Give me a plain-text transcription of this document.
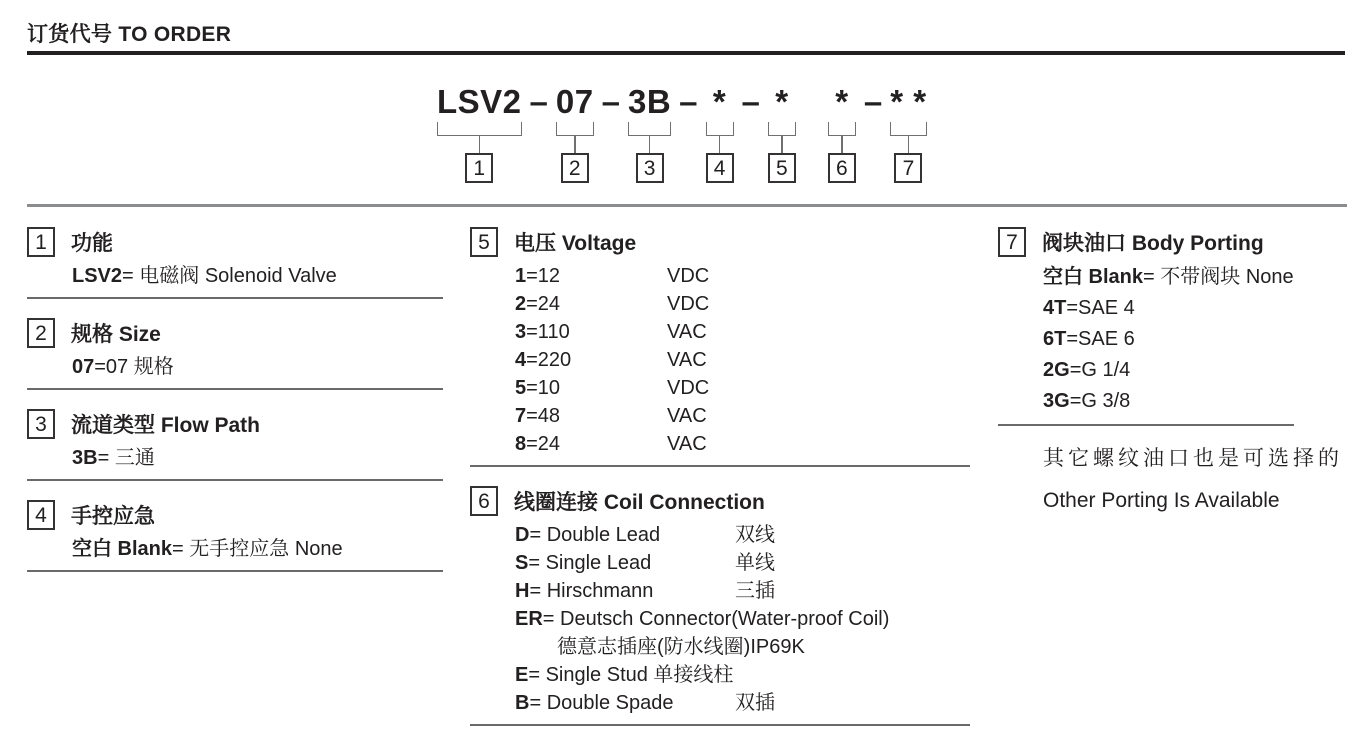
订货代号 TO ORDER
LSV2
1
– 07
2
– 3B
3
– *
4
– *
5
*
6
– * *
7
1	功能
LSV2= 电磁阀 Solenoid Valve
2	规格 Size
07=07 规格
3	流道类型 Flow Path
3B= 三通
4	手控应急
空白 Blank= 无手控应急 None
5	电压 Voltage
1=12	VDC
2=24	VDC
3=110	VAC
4=220	VAC
5=10	VDC
7=48	VAC
8=24	VAC
6	线圈连接 Coil Connection
D= Double Lead	双线
S= Single Lead	单线
H= Hirschmann	三插
ER= Deutsch Connector(Water-proof Coil)
德意志插座(防水线圈)IP69K
E= Single Stud 单接线柱
B= Double Spade	双插
7	阀块油口 Body Porting
空白 Blank= 不带阀块 None
4T=SAE 4
6T=SAE 6
2G=G 1/4
3G=G 3/8
其它螺纹油口也是可选择的
Other Porting Is Available
